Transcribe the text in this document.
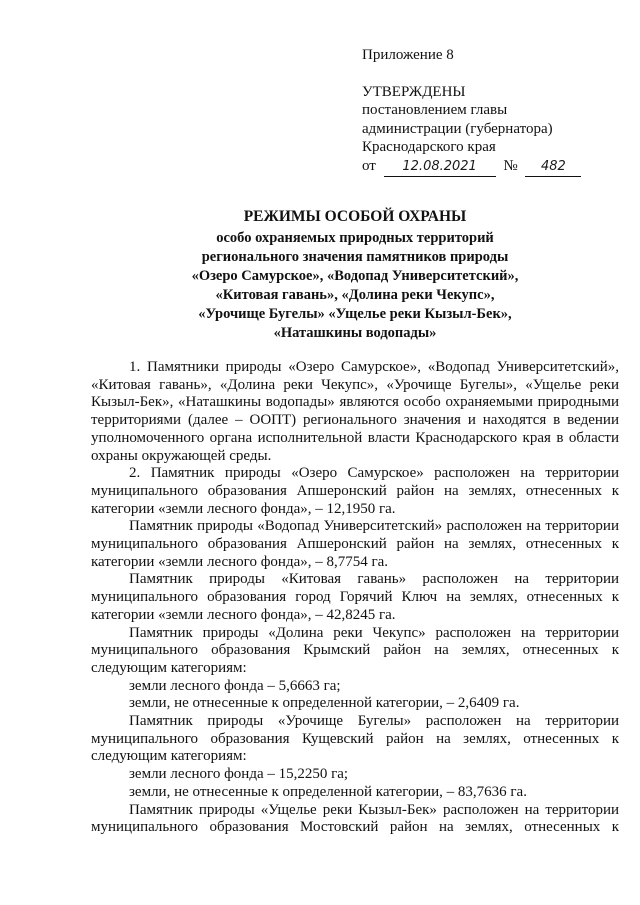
Приложение 8
УТВЕРЖДЕНЫ
постановлением главы
администрации (губернатора)
Краснодарского края
от 12.08.2021 № 482
РЕЖИМЫ ОСОБОЙ ОХРАНЫ
особо охраняемых природных территорий
регионального значения памятников природы
«Озеро Самурское», «Водопад Университетский»,
«Китовая гавань», «Долина реки Чекупс»,
«Урочище Бугелы» «Ущелье реки Кызыл-Бек»,
«Наташкины водопады»

1. Памятники природы «Озеро Самурское», «Водопад Университетский», «Китовая гавань», «Долина реки Чекупс», «Урочище Бугелы», «Ущелье реки Кызыл-Бек», «Наташкины водопады» являются особо охраняемыми природными территориями (далее – ООПТ) регионального значения и находятся в ведении уполномоченного органа исполнительной власти Краснодарского края в области охраны окружающей среды.

2. Памятник природы «Озеро Самурское» расположен на территории муниципального образования Апшеронский район на землях, отнесенных к категории «земли лесного фонда», – 12,1950 га.

Памятник природы «Водопад Университетский» расположен на территории муниципального образования Апшеронский район на землях, отнесенных к категории «земли лесного фонда», – 8,7754 га.

Памятник природы «Китовая гавань» расположен на территории муниципального образования город Горячий Ключ на землях, отнесенных к категории «земли лесного фонда», – 42,8245 га.

Памятник природы «Долина реки Чекупс» расположен на территории муниципального образования Крымский район на землях, отнесенных к следующим категориям:

земли лесного фонда – 5,6663 га;

земли, не отнесенные к определенной категории, – 2,6409 га.

Памятник природы «Урочище Бугелы» расположен на территории муниципального образования Кущевский район на землях, отнесенных к следующим категориям:

земли лесного фонда – 15,2250 га;

земли, не отнесенные к определенной категории, – 83,7636 га.

Памятник природы «Ущелье реки Кызыл-Бек» расположен на территории муниципального образования Мостовский район на землях, отнесенных к
